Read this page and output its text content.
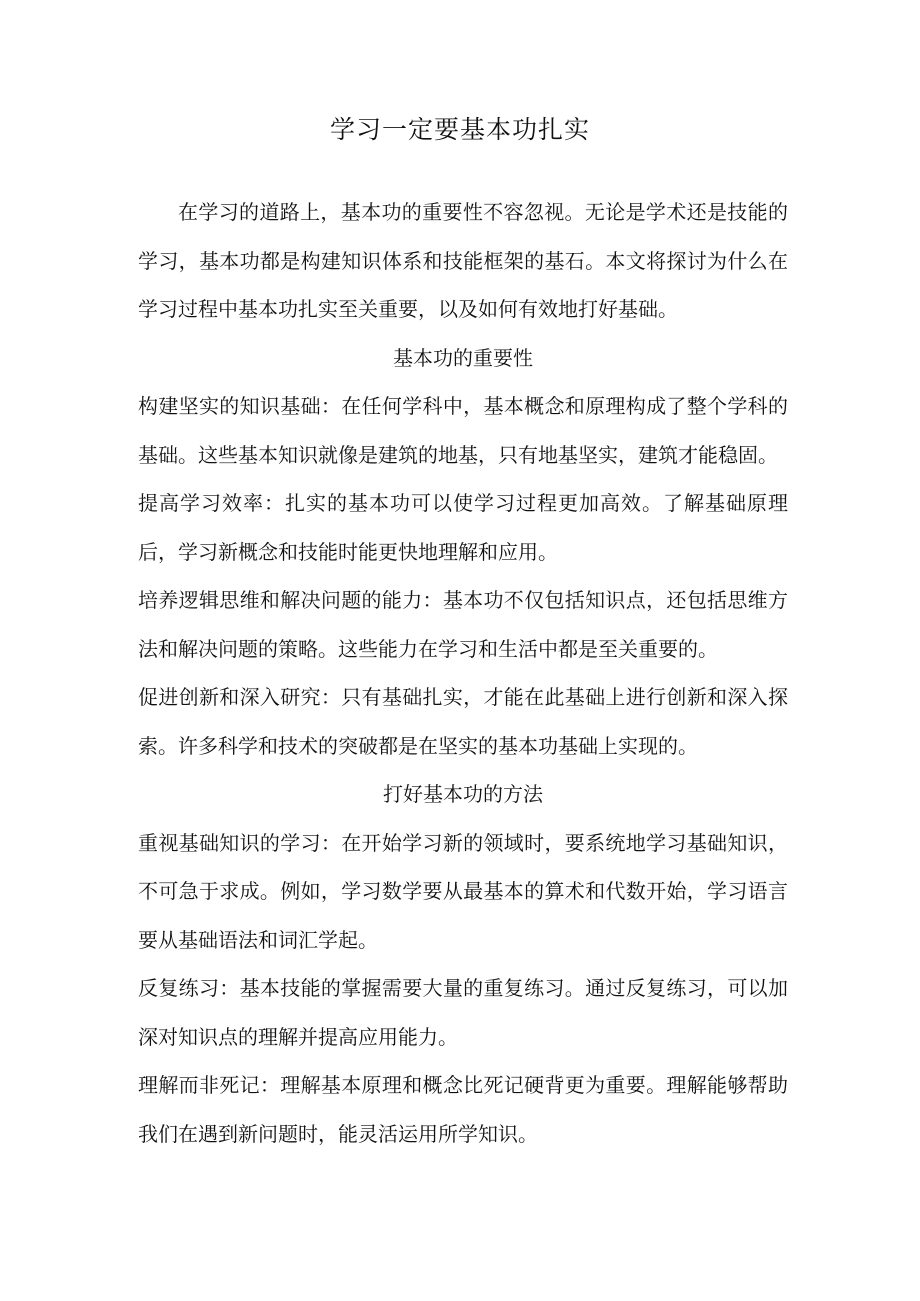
学习一定要基本功扎实

在学习的道路上，基本功的重要性不容忽视。无论是学术还是技能的学习，基本功都是构建知识体系和技能框架的基石。本文将探讨为什么在学习过程中基本功扎实至关重要，以及如何有效地打好基础。

基本功的重要性

构建坚实的知识基础：在任何学科中，基本概念和原理构成了整个学科的基础。这些基本知识就像是建筑的地基，只有地基坚实，建筑才能稳固。

提高学习效率：扎实的基本功可以使学习过程更加高效。了解基础原理后，学习新概念和技能时能更快地理解和应用。

培养逻辑思维和解决问题的能力：基本功不仅包括知识点，还包括思维方法和解决问题的策略。这些能力在学习和生活中都是至关重要的。

促进创新和深入研究：只有基础扎实，才能在此基础上进行创新和深入探索。许多科学和技术的突破都是在坚实的基本功基础上实现的。

打好基本功的方法

重视基础知识的学习：在开始学习新的领域时，要系统地学习基础知识，不可急于求成。例如，学习数学要从最基本的算术和代数开始，学习语言要从基础语法和词汇学起。

反复练习：基本技能的掌握需要大量的重复练习。通过反复练习，可以加深对知识点的理解并提高应用能力。

理解而非死记：理解基本原理和概念比死记硬背更为重要。理解能够帮助我们在遇到新问题时，能灵活运用所学知识。
